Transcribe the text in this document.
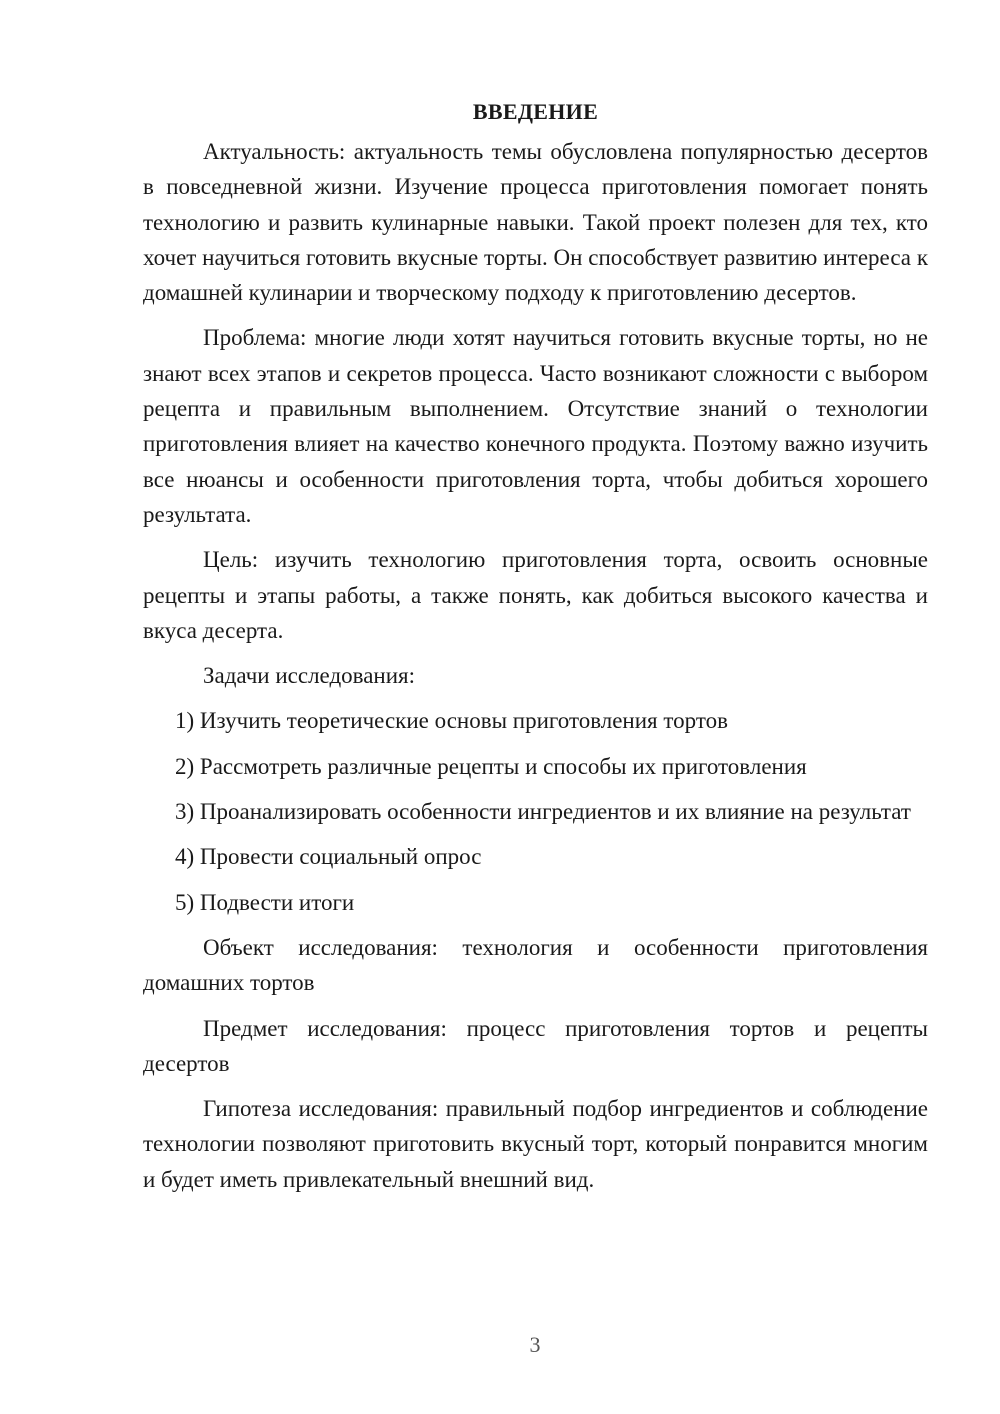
ВВЕДЕНИЕ
Актуальность: актуальность темы обусловлена популярностью десертов в повседневной жизни. Изучение процесса приготовления помогает понять технологию и развить кулинарные навыки. Такой проект полезен для тех, кто хочет научиться готовить вкусные торты. Он способствует развитию интереса к домашней кулинарии и творческому подходу к приготовлению десертов.
Проблема: многие люди хотят научиться готовить вкусные торты, но не знают всех этапов и секретов процесса. Часто возникают сложности с выбором рецепта и правильным выполнением. Отсутствие знаний о технологии приготовления влияет на качество конечного продукта. Поэтому важно изучить все нюансы и особенности приготовления торта, чтобы добиться хорошего результата.
Цель: изучить технологию приготовления торта, освоить основные рецепты и этапы работы, а также понять, как добиться высокого качества и вкуса десерта.
Задачи исследования:
1) Изучить теоретические основы приготовления тортов
2) Рассмотреть различные рецепты и способы их приготовления
3) Проанализировать особенности ингредиентов и их влияние на результат
4) Провести социальный опрос
5) Подвести итоги
Объект исследования: технология и особенности приготовления домашних тортов
Предмет исследования: процесс приготовления тортов и рецепты десертов
Гипотеза исследования: правильный подбор ингредиентов и соблюдение технологии позволяют приготовить вкусный торт, который понравится многим и будет иметь привлекательный внешний вид.
3
